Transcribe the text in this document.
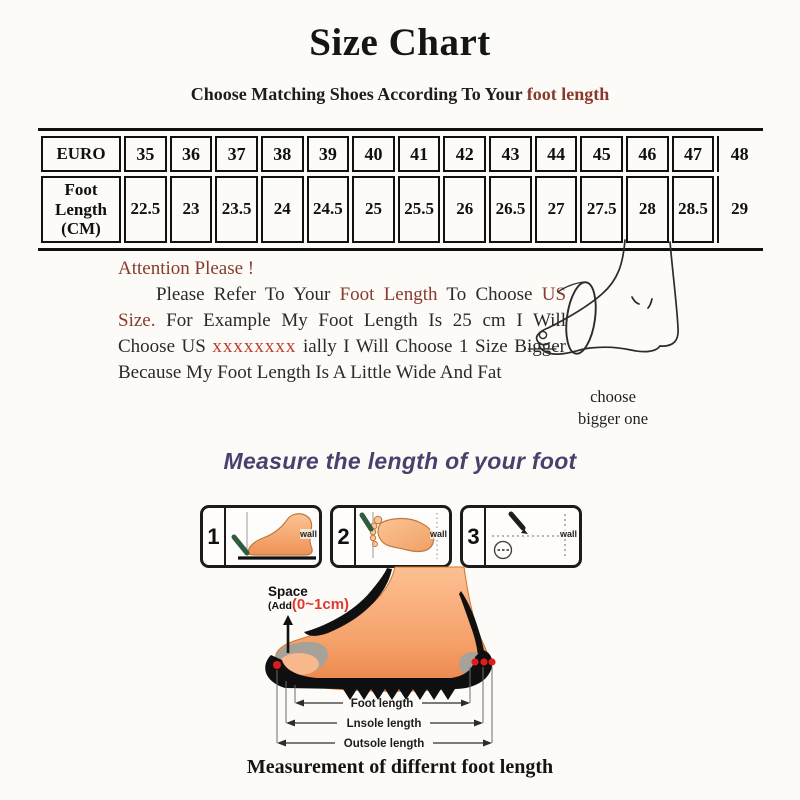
Size Chart
Choose Matching Shoes According To Your foot length
EURO	35	36	37	38	39	40	41	42	43	44	45	46	47	48
Foot Length (CM)	22.5	23	23.5	24	24.5	25	25.5	26	26.5	27	27.5	28	28.5	29
Attention Please !

Please Refer To Your Foot Length To Choose US Size. For Example My Foot Length Is 25 cm I Will Choose US xxxxxxxx ially I Will Choose 1 Size Bigger Because My Foot Length Is A Little Wide And Fat

choose
bigger one
Measure the length of your foot
1	wall 2	wall 3	wall
Foot length
Lnsole length
Outsole length
Space
(Add(0~1cm)
Measurement of differnt foot length
